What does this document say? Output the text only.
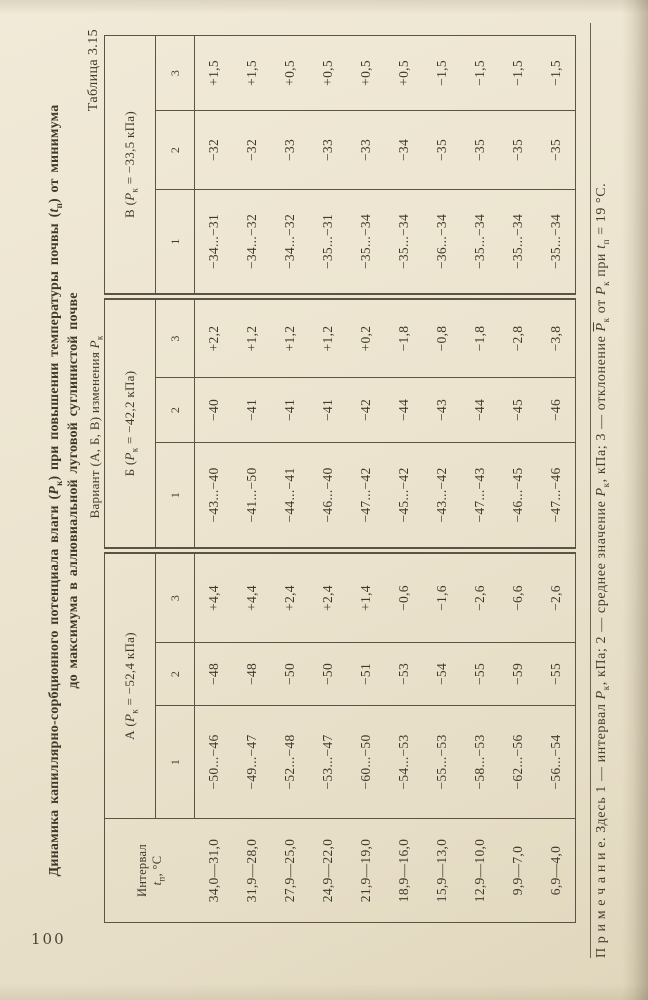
Таблица 3.15
Динамика капиллярно-сорбционного потенциала влаги $(P_к)$ при повышении температуры почвы $(t_п)$ от минимума
до максимума в аллювиальной луговой суглинистой почве
	Вариант (А, Б, В) изменения $P_к$
Интервал
$t_п$, °C	А ($P_к = -52,4$ кПа)			Б ($P_к = -42,2$ кПа)			В ($P_к = -33,5$ кПа)		
	1	2	3	1	2	3	1	2	3
34,0—31,0	−50...−46	−48	+4,4	−43...−40	−40	+2,2	−34...−31	−32	+1,5
31,9—28,0	−49...−47	−48	+4,4	−41...−50	−41	+1,2	−34...−32	−32	+1,5
27,9—25,0	−52...−48	−50	+2,4	−44...−41	−41	+1,2	−34...−32	−33	+0,5
24,9—22,0	−53...−47	−50	+2,4	−46...−40	−41	+1,2	−35...−31	−33	+0,5
21,9—19,0	−60...−50	−51	+1,4	−47...−42	−42	+0,2	−35...−34	−33	+0,5
18,9—16,0	−54...−53	−53	−0,6	−45...−42	−44	−1,8	−35...−34	−34	+0,5
15,9—13,0	−55...−53	−54	−1,6	−43...−42	−43	−0,8	−36...−34	−35	−1,5
12,9—10,0	−58...−53	−55	−2,6	−47...−43	−44	−1,8	−35...−34	−35	−1,5
9,9—7,0	−62...−56	−59	−6,6	−46...−45	−45	−2,8	−35...−34	−35	−1,5
6,9—4,0	−56...−54	−55	−2,6	−47...−46	−46	−3,8	−35...−34	−35	−1,5
П р и м е ч а н и е. Здесь 1 — интервал $P_к$, кПа; 2 — среднее значение $P_к$, кПа; 3 — отклонение $\overline{P}_к$ от $P_к$ при $t_п = 19$ °C.
100
